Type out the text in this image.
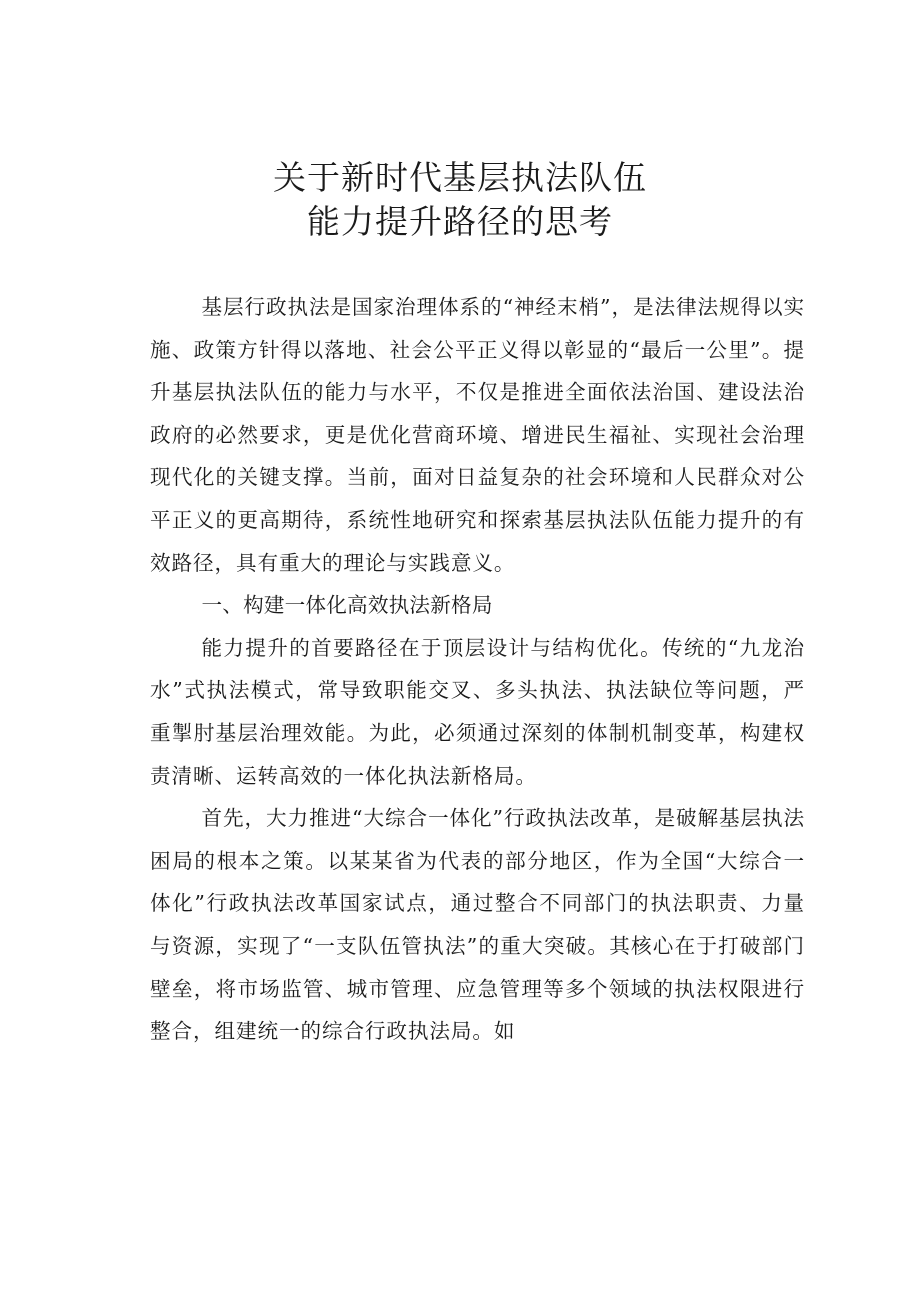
关于新时代基层执法队伍
能力提升路径的思考

基层行政执法是国家治理体系的“神经末梢”，是法律法规得以实施、政策方针得以落地、社会公平正义得以彰显的“最后一公里”。提升基层执法队伍的能力与水平，不仅是推进全面依法治国、建设法治政府的必然要求，更是优化营商环境、增进民生福祉、实现社会治理现代化的关键支撑。当前，面对日益复杂的社会环境和人民群众对公平正义的更高期待，系统性地研究和探索基层执法队伍能力提升的有效路径，具有重大的理论与实践意义。

一、构建一体化高效执法新格局

能力提升的首要路径在于顶层设计与结构优化。传统的“九龙治水”式执法模式，常导致职能交叉、多头执法、执法缺位等问题，严重掣肘基层治理效能。为此，必须通过深刻的体制机制变革，构建权责清晰、运转高效的一体化执法新格局。

首先，大力推进“大综合一体化”行政执法改革，是破解基层执法困局的根本之策。以某某省为代表的部分地区，作为全国“大综合一体化”行政执法改革国家试点，通过整合不同部门的执法职责、力量与资源，实现了“一支队伍管执法”的重大突破。其核心在于打破部门壁垒，将市场监管、城市管理、应急管理等多个领域的执法权限进行整合，组建统一的综合行政执法局。如
